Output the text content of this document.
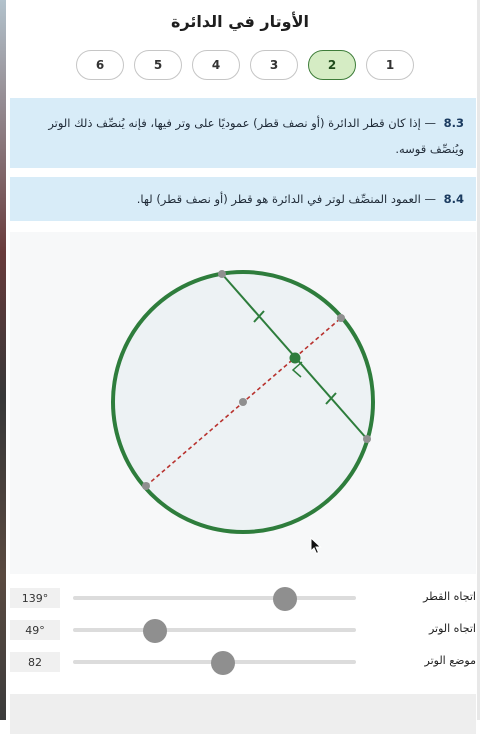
الأوتار في الدائرة
1
2
3
4
5
6
8.3 — إذا كان قطر الدائرة (أو نصف قطر) عموديًا على وتر فيها، فإنه يُنصِّف ذلك الوتر ويُنصِّف قوسه.
8.4 — العمود المنصِّف لوتر في الدائرة هو قطر (أو نصف قطر) لها.
139°	اتجاه القطر
49°	اتجاه الوتر
82	موضع الوتر
